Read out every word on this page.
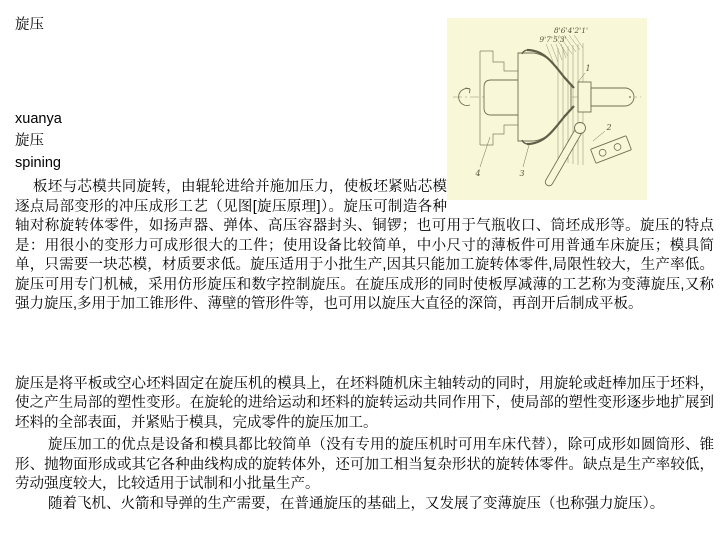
8'6'4'2'1'
9'7'5'3'
1
2
3
4
旋压
xuanya
旋压
spining

板坯与芯模共同旋转，由辊轮进给并施加压力，使板坯紧贴芯模逐点局部变形的冲压成形工艺（见图[旋压原理]）。旋压可制造各种轴对称旋转体零件，如扬声器、弹体、高压容器封头、铜锣；也可用于气瓶收口、筒坯成形等。旋压的特点是：用很小的变形力可成形很大的工件；使用设备比较简单，中小尺寸的薄板件可用普通车床旋压；模具简单，只需要一块芯模，材质要求低。旋压适用于小批生产,因其只能加工旋转体零件,局限性较大，生产率低。旋压可用专门机械，采用仿形旋压和数字控制旋压。在旋压成形的同时使板厚减薄的工艺称为变薄旋压,又称强力旋压,多用于加工锥形件、薄壁的管形件等，也可用以旋压大直径的深筒，再剖开后制成平板。

旋压是将平板或空心坯料固定在旋压机的模具上，在坯料随机床主轴转动的同时，用旋轮或赶棒加压于坯料，使之产生局部的塑性变形。在旋轮的进给运动和坯料的旋转运动共同作用下，使局部的塑性变形逐步地扩展到坯料的全部表面，并紧贴于模具，完成零件的旋压加工。

旋压加工的优点是设备和模具都比较简单（没有专用的旋压机时可用车床代替），除可成形如圆筒形、锥形、抛物面形成或其它各种曲线构成的旋转体外，还可加工相当复杂形状的旋转体零件。缺点是生产率较低，劳动强度较大，比较适用于试制和小批量生产。

随着飞机、火箭和导弹的生产需要，在普通旋压的基础上，又发展了变薄旋压（也称强力旋压）。
